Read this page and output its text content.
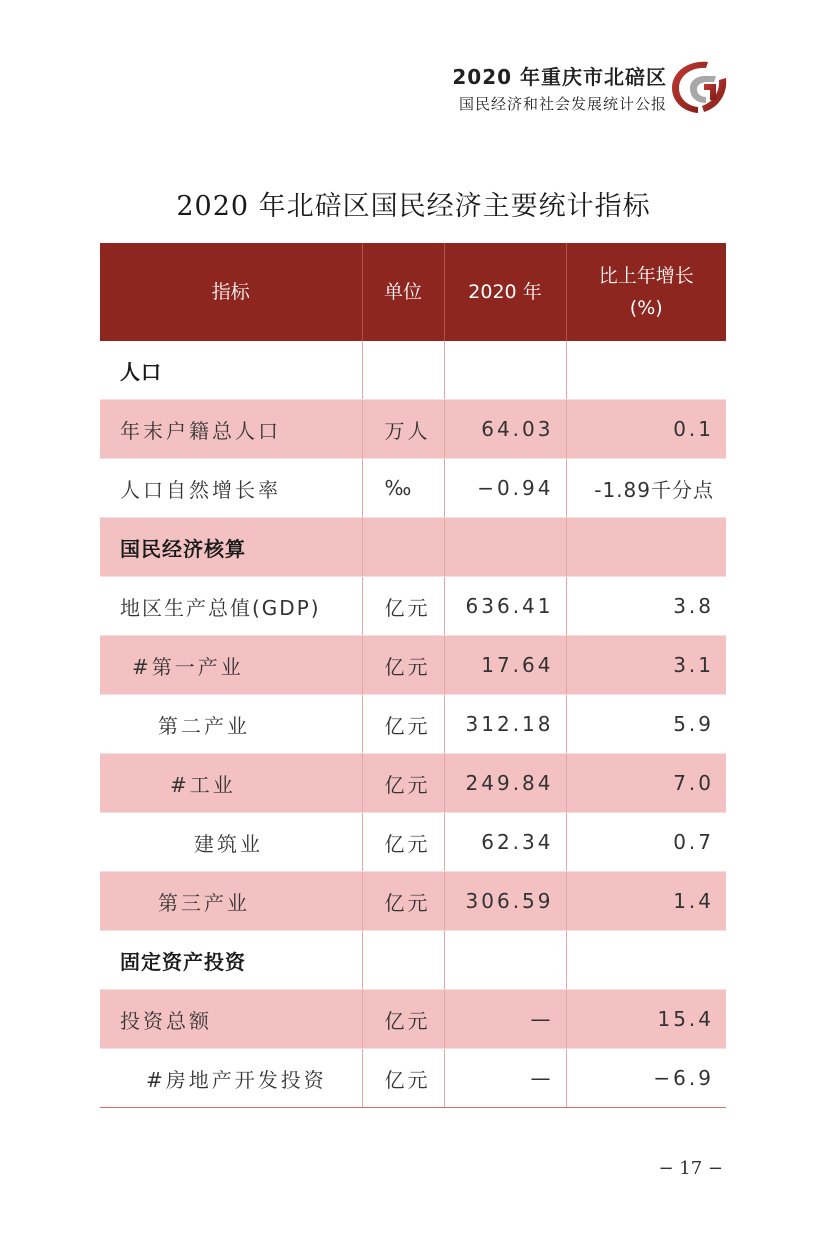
2020 年重庆市北碚区
国民经济和社会发展统计公报
2020 年北碚区国民经济主要统计指标
指标	单位	2020 年	比上年增长
(%)

人口			
年末户籍总人口	万人	64.03	0.1
人口自然增长率	‰	−0.94	-1.89千分点
国民经济核算			
地区生产总值(GDP)	亿元	636.41	3.8
#第一产业	亿元	17.64	3.1
第二产业	亿元	312.18	5.9
#工业	亿元	249.84	7.0
建筑业	亿元	62.34	0.7
第三产业	亿元	306.59	1.4
固定资产投资			
投资总额	亿元	—	15.4
#房地产开发投资	亿元	—	−6.9
− 17 −
